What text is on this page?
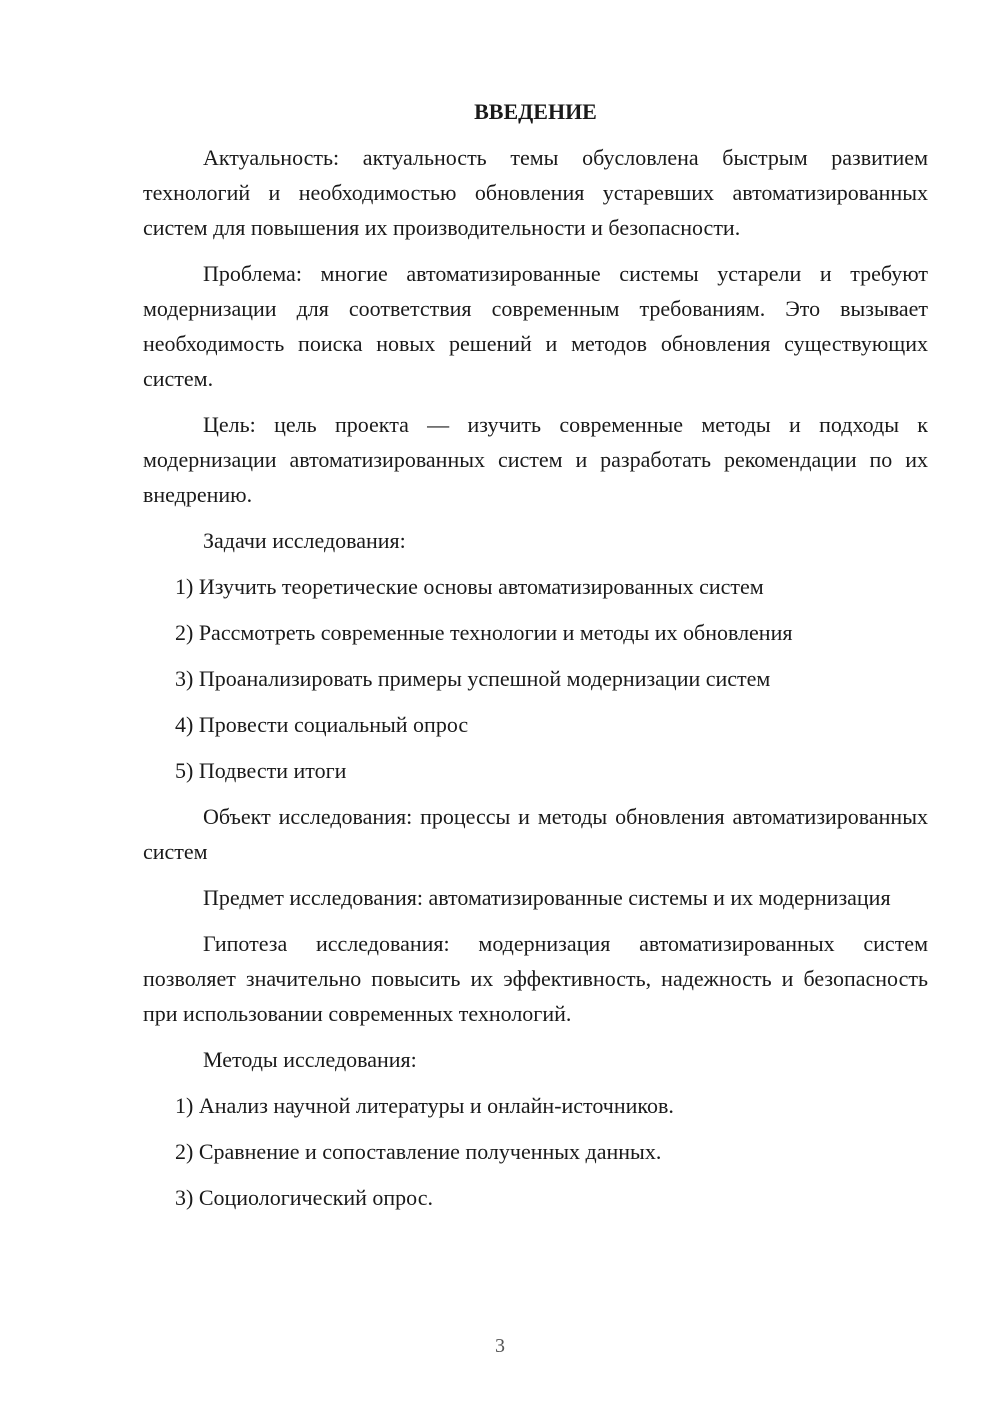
ВВЕДЕНИЕ

Актуальность: актуальность темы обусловлена быстрым развитием технологий и необходимостью обновления устаревших автоматизированных систем для повышения их производительности и безопасности.

Проблема: многие автоматизированные системы устарели и требуют модернизации для соответствия современным требованиям. Это вызывает необходимость поиска новых решений и методов обновления существующих систем.

Цель: цель проекта — изучить современные методы и подходы к модернизации автоматизированных систем и разработать рекомендации по их внедрению.

Задачи исследования:

1) Изучить теоретические основы автоматизированных систем
2) Рассмотреть современные технологии и методы их обновления
3) Проанализировать примеры успешной модернизации систем
4) Провести социальный опрос
5) Подвести итоги

Объект исследования: процессы и методы обновления автоматизированных систем

Предмет исследования: автоматизированные системы и их модернизация

Гипотеза исследования: модернизация автоматизированных систем позволяет значительно повысить их эффективность, надежность и безопасность при использовании современных технологий.

Методы исследования:

1) Анализ научной литературы и онлайн-источников.
2) Сравнение и сопоставление полученных данных.
3) Социологический опрос.
3
